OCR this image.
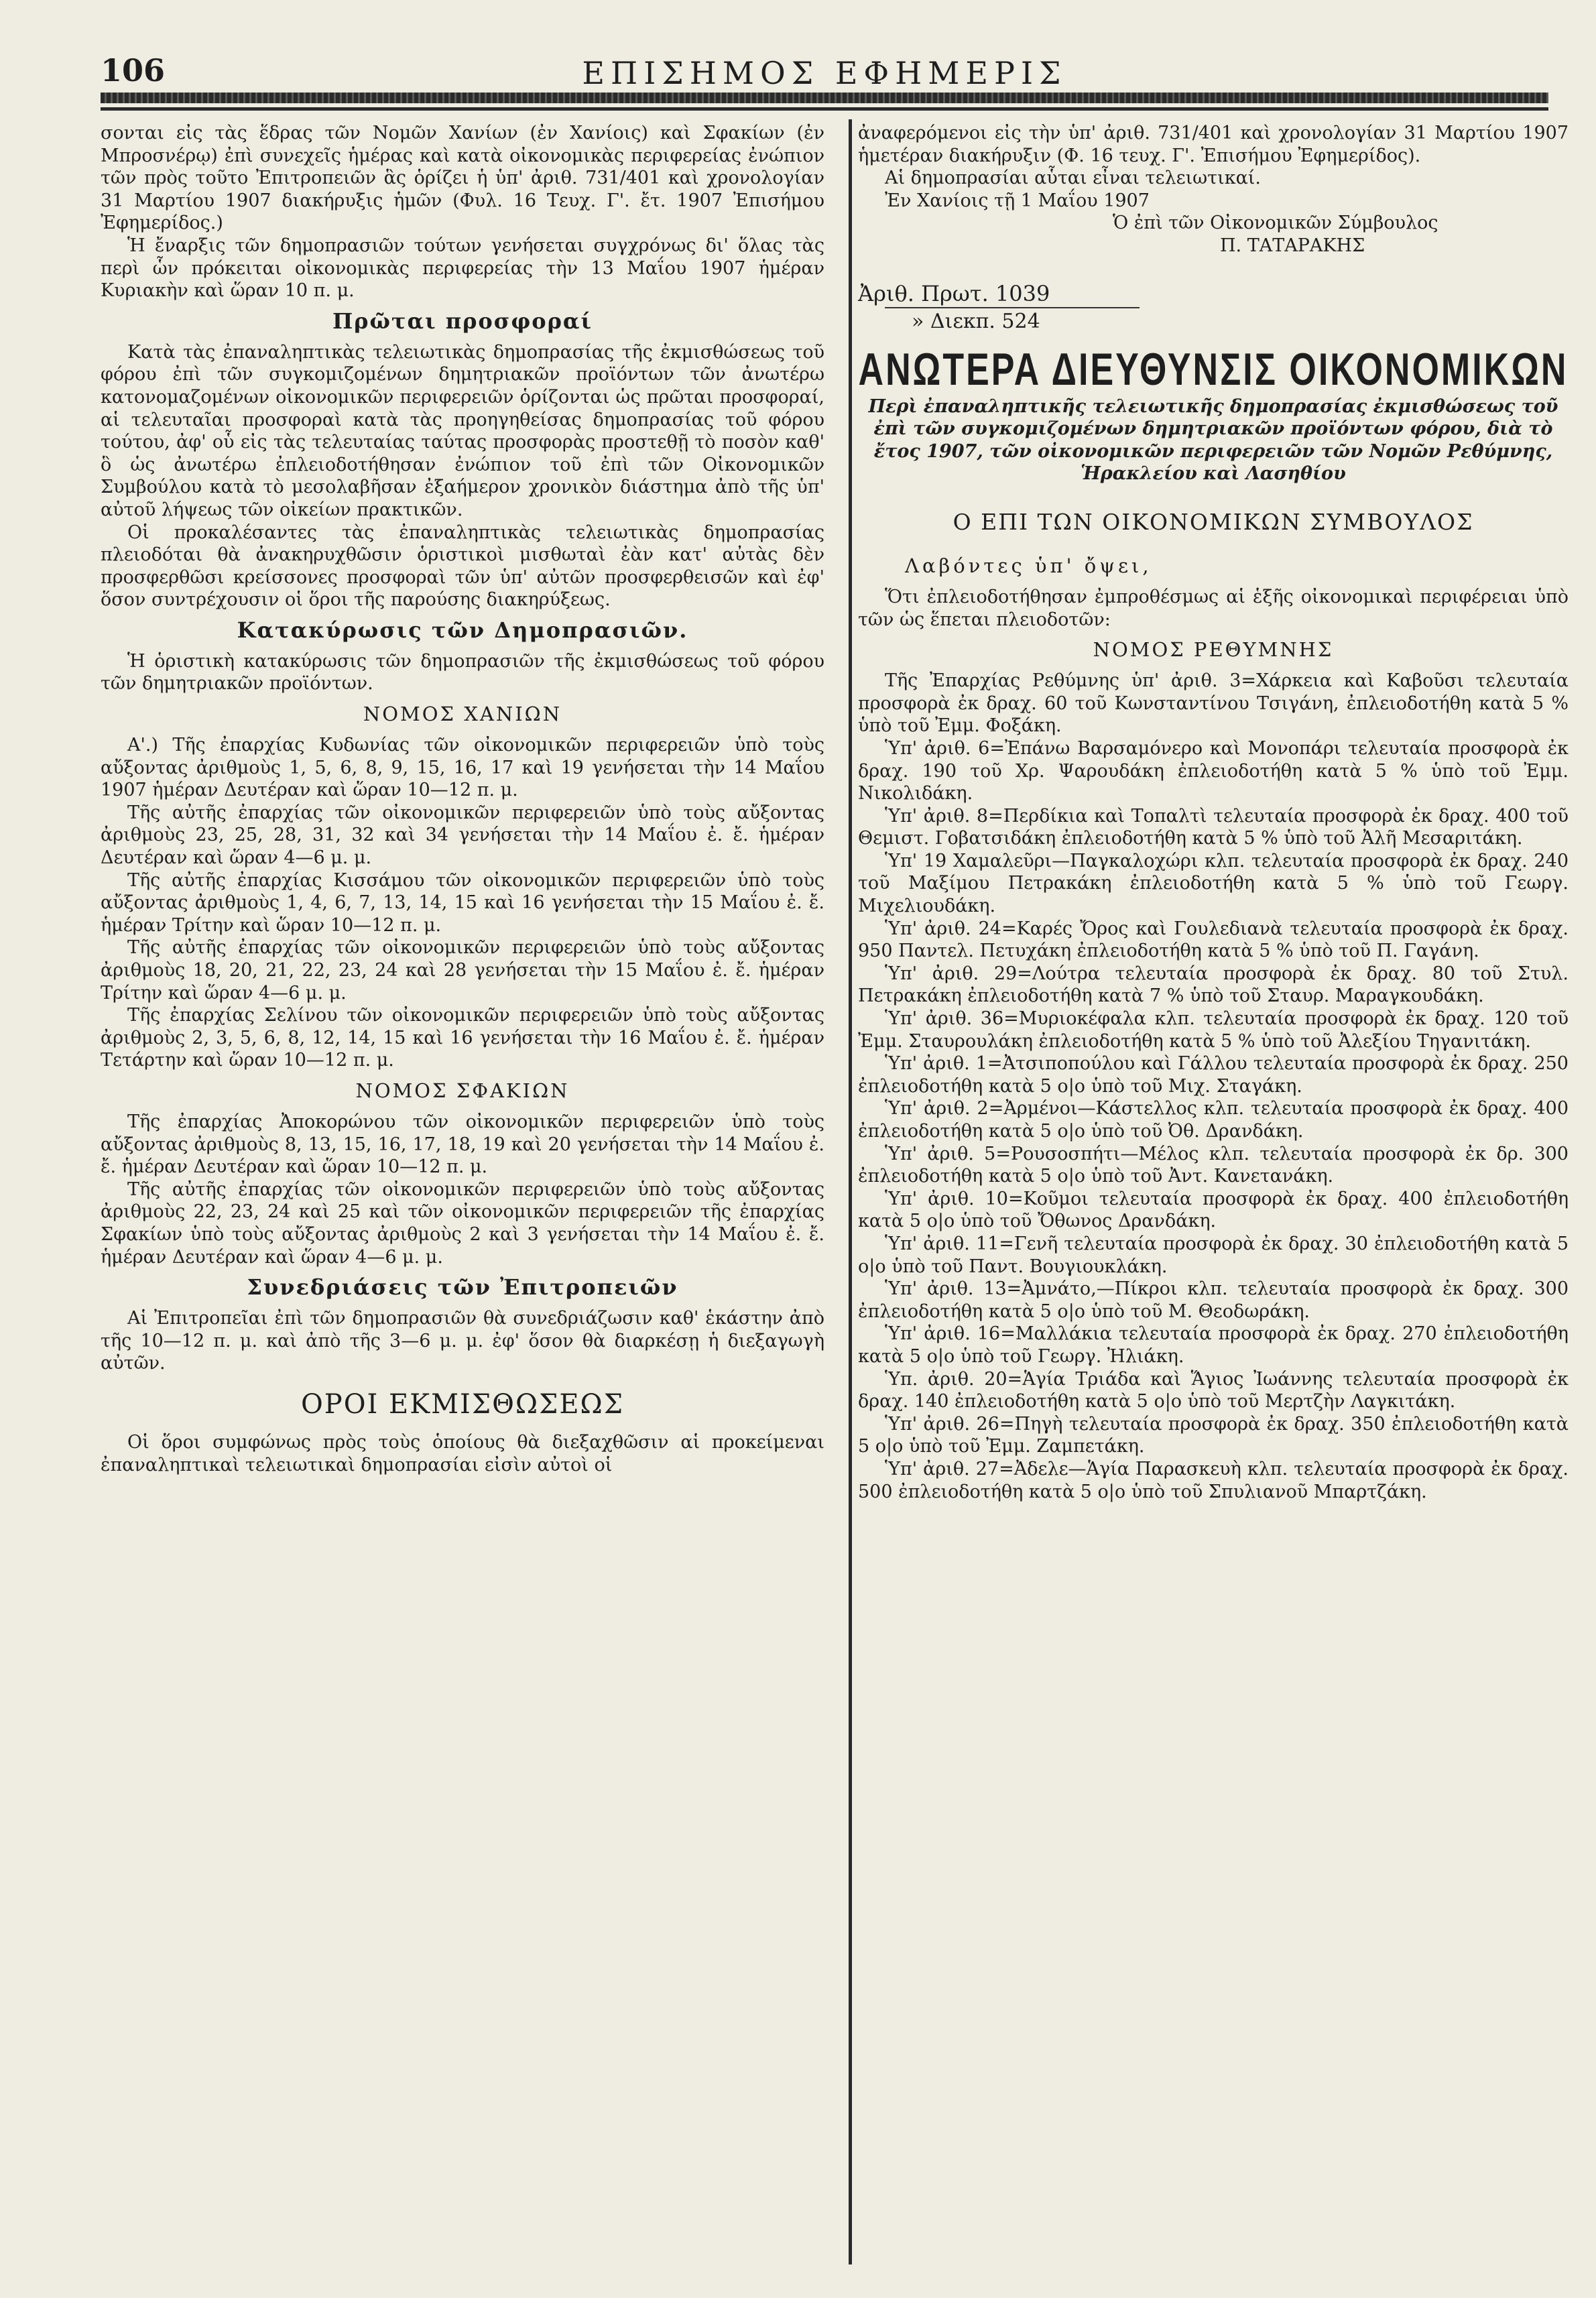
106	ΕΠΙΣΗΜΟΣ ΕΦΗΜΕΡΙΣ

σονται εἰς τὰς ἕδρας τῶν Νομῶν Χανίων (ἐν Χανίοις) καὶ Σφακίων (ἐν Μπροσνέρῳ) ἐπὶ συνεχεῖς ἡμέρας καὶ κατὰ οἰκονομικὰς περιφερείας ἐνώπιον τῶν πρὸς τοῦτο Ἐπιτροπειῶν ἃς ὁρίζει ἡ ὑπ' ἀριθ. 731/401 καὶ χρονολογίαν 31 Μαρτίου 1907 διακήρυξις ἡμῶν (Φυλ. 16 Τευχ. Γ'. ἔτ. 1907 Ἐπισήμου Ἐφημερίδος.)

Ἡ ἔναρξις τῶν δημοπρασιῶν τούτων γενήσεται συγχρόνως δι' ὅλας τὰς περὶ ὧν πρόκειται οἰκονομικὰς περιφερείας τὴν 13 Μαΐου 1907 ἡμέραν Κυριακὴν καὶ ὥραν 10 π. μ.

Πρῶται προσφοραί

Κατὰ τὰς ἐπαναληπτικὰς τελειωτικὰς δημοπρασίας τῆς ἐκμισθώσεως τοῦ φόρου ἐπὶ τῶν συγκομιζομένων δημητριακῶν προϊόντων τῶν ἀνωτέρω κατονομαζομένων οἰκονομικῶν περιφερειῶν ὁρίζονται ὡς πρῶται προσφοραί, αἱ τελευταῖαι προσφοραὶ κατὰ τὰς προηγηθείσας δημοπρασίας τοῦ φόρου τούτου, ἀφ' οὗ εἰς τὰς τελευταίας ταύτας προσφορὰς προστεθῇ τὸ ποσὸν καθ' ὃ ὡς ἀνωτέρω ἐπλειοδοτήθησαν ἐνώπιον τοῦ ἐπὶ τῶν Οἰκονομικῶν Συμβούλου κατὰ τὸ μεσολαβῆσαν ἐξαήμερον χρονικὸν διάστημα ἀπὸ τῆς ὑπ' αὐτοῦ λήψεως τῶν οἰκείων πρακτικῶν.

Οἱ προκαλέσαντες τὰς ἐπαναληπτικὰς τελειωτικὰς δημοπρασίας πλειοδόται θὰ ἀνακηρυχθῶσιν ὁριστικοὶ μισθωταὶ ἐὰν κατ' αὐτὰς δὲν προσφερθῶσι κρείσσονες προσφοραὶ τῶν ὑπ' αὐτῶν προσφερθεισῶν καὶ ἐφ' ὅσον συντρέχουσιν οἱ ὅροι τῆς παρούσης διακηρύξεως.

Κατακύρωσις τῶν Δημοπρασιῶν.

Ἡ ὁριστικὴ κατακύρωσις τῶν δημοπρασιῶν τῆς ἐκμισθώσεως τοῦ φόρου τῶν δημητριακῶν προϊόντων.

ΝΟΜΟΣ ΧΑΝΙΩΝ

Α'.) Τῆς ἐπαρχίας Κυδωνίας τῶν οἰκονομικῶν περιφερειῶν ὑπὸ τοὺς αὔξοντας ἀριθμοὺς 1, 5, 6, 8, 9, 15, 16, 17 καὶ 19 γενήσεται τὴν 14 Μαΐου 1907 ἡμέραν Δευτέραν καὶ ὥραν 10—12 π. μ.

Τῆς αὐτῆς ἐπαρχίας τῶν οἰκονομικῶν περιφερειῶν ὑπὸ τοὺς αὔξοντας ἀριθμοὺς 23, 25, 28, 31, 32 καὶ 34 γενήσεται τὴν 14 Μαΐου ἐ. ἔ. ἡμέραν Δευτέραν καὶ ὥραν 4—6 μ. μ.

Τῆς αὐτῆς ἐπαρχίας Κισσάμου τῶν οἰκονομικῶν περιφερειῶν ὑπὸ τοὺς αὔξοντας ἀριθμοὺς 1, 4, 6, 7, 13, 14, 15 καὶ 16 γενήσεται τὴν 15 Μαΐου ἐ. ἔ. ἡμέραν Τρίτην καὶ ὥραν 10—12 π. μ.

Τῆς αὐτῆς ἐπαρχίας τῶν οἰκονομικῶν περιφερειῶν ὑπὸ τοὺς αὔξοντας ἀριθμοὺς 18, 20, 21, 22, 23, 24 καὶ 28 γενήσεται τὴν 15 Μαΐου ἐ. ἔ. ἡμέραν Τρίτην καὶ ὥραν 4—6 μ. μ.

Τῆς ἐπαρχίας Σελίνου τῶν οἰκονομικῶν περιφερειῶν ὑπὸ τοὺς αὔξοντας ἀριθμοὺς 2, 3, 5, 6, 8, 12, 14, 15 καὶ 16 γενήσεται τὴν 16 Μαΐου ἐ. ἔ. ἡμέραν Τετάρτην καὶ ὥραν 10—12 π. μ.

ΝΟΜΟΣ ΣΦΑΚΙΩΝ

Τῆς ἐπαρχίας Ἀποκορώνου τῶν οἰκονομικῶν περιφερειῶν ὑπὸ τοὺς αὔξοντας ἀριθμοὺς 8, 13, 15, 16, 17, 18, 19 καὶ 20 γενήσεται τὴν 14 Μαΐου ἐ. ἔ. ἡμέραν Δευτέραν καὶ ὥραν 10—12 π. μ.

Τῆς αὐτῆς ἐπαρχίας τῶν οἰκονομικῶν περιφερειῶν ὑπὸ τοὺς αὔξοντας ἀριθμοὺς 22, 23, 24 καὶ 25 καὶ τῶν οἰκονομικῶν περιφερειῶν τῆς ἐπαρχίας Σφακίων ὑπὸ τοὺς αὔξοντας ἀριθμοὺς 2 καὶ 3 γενήσεται τὴν 14 Μαΐου ἐ. ἔ. ἡμέραν Δευτέραν καὶ ὥραν 4—6 μ. μ.

Συνεδριάσεις τῶν Ἐπιτροπειῶν

Αἱ Ἐπιτροπεῖαι ἐπὶ τῶν δημοπρασιῶν θὰ συνεδριάζωσιν καθ' ἑκάστην ἀπὸ τῆς 10—12 π. μ. καὶ ἀπὸ τῆς 3—6 μ. μ. ἐφ' ὅσον θὰ διαρκέσῃ ἡ διεξαγωγὴ αὐτῶν.

ΟΡΟΙ ΕΚΜΙΣΘΩΣΕΩΣ

Οἱ ὅροι συμφώνως πρὸς τοὺς ὁποίους θὰ διεξαχθῶσιν αἱ προκείμεναι ἐπαναληπτικαὶ τελειωτικαὶ δημοπρασίαι εἰσὶν αὐτοὶ οἱ

ἀναφερόμενοι εἰς τὴν ὑπ' ἀριθ. 731/401 καὶ χρονολογίαν 31 Μαρτίου 1907 ἡμετέραν διακήρυξιν (Φ. 16 τευχ. Γ'. Ἐπισήμου Ἐφημερίδος).

Αἱ δημοπρασίαι αὗται εἶναι τελειωτικαί.

Ἐν Χανίοις τῇ 1 Μαΐου 1907

Ὁ ἐπὶ τῶν Οἰκονομικῶν Σύμβουλος

Π. ΤΑΤΑΡΑΚΗΣ

Ἀριθ. Πρωτ. 1039

» Διεκπ. 524

ΑΝΩΤΕΡΑ ΔΙΕΥΘΥΝΣΙΣ ΟΙΚΟΝΟΜΙΚΩΝ

Περὶ ἐπαναληπτικῆς τελειωτικῆς δημοπρασίας ἐκμισθώσεως τοῦ ἐπὶ τῶν συγκομιζομένων δημητριακῶν προϊόντων φόρου, διὰ τὸ ἔτος 1907, τῶν οἰκονομικῶν περιφερειῶν τῶν Νομῶν Ρεθύμνης, Ἡρακλείου καὶ Λασηθίου

Ο ΕΠΙ ΤΩΝ ΟΙΚΟΝΟΜΙΚΩΝ ΣΥΜΒΟΥΛΟΣ

Λαβόντες ὑπ' ὄψει,

Ὅτι ἐπλειοδοτήθησαν ἐμπροθέσμως αἱ ἑξῆς οἰκονομικαὶ περιφέρειαι ὑπὸ τῶν ὡς ἕπεται πλειοδοτῶν:

ΝΟΜΟΣ ΡΕΘΥΜΝΗΣ

Τῆς Ἐπαρχίας Ρεθύμνης ὑπ' ἀριθ. 3=Χάρκεια καὶ Καβοῦσι τελευταία προσφορὰ ἐκ δραχ. 60 τοῦ Κωνσταντίνου Τσιγάνη, ἐπλειοδοτήθη κατὰ 5 % ὑπὸ τοῦ Ἐμμ. Φοξάκη.

Ὑπ' ἀριθ. 6=Ἐπάνω Βαρσαμόνερο καὶ Μονοπάρι τελευταία προσφορὰ ἐκ δραχ. 190 τοῦ Χρ. Ψαρουδάκη ἐπλειοδοτήθη κατὰ 5 % ὑπὸ τοῦ Ἐμμ. Νικολιδάκη.

Ὑπ' ἀριθ. 8=Περδίκια καὶ Τοπαλτὶ τελευταία προσφορὰ ἐκ δραχ. 400 τοῦ Θεμιστ. Γοβατσιδάκη ἐπλειοδοτήθη κατὰ 5 % ὑπὸ τοῦ Ἀλῆ Μεσαριτάκη.

Ὑπ' 19 Χαμαλεῦρι—Παγκαλοχώρι κλπ. τελευταία προσφορὰ ἐκ δραχ. 240 τοῦ Μαξίμου Πετρακάκη ἐπλειοδοτήθη κατὰ 5 % ὑπὸ τοῦ Γεωργ. Μιχελιουδάκη.

Ὑπ' ἀριθ. 24=Καρές Ὄρος καὶ Γουλεδιανὰ τελευταία προσφορὰ ἐκ δραχ. 950 Παντελ. Πετυχάκη ἐπλειοδοτήθη κατὰ 5 % ὑπὸ τοῦ Π. Γαγάνη.

Ὑπ' ἀριθ. 29=Λούτρα τελευταία προσφορὰ ἐκ δραχ. 80 τοῦ Στυλ. Πετρακάκη ἐπλειοδοτήθη κατὰ 7 % ὑπὸ τοῦ Σταυρ. Μαραγκουδάκη.

Ὑπ' ἀριθ. 36=Μυριοκέφαλα κλπ. τελευταία προσφορὰ ἐκ δραχ. 120 τοῦ Ἐμμ. Σταυρουλάκη ἐπλειοδοτήθη κατὰ 5 % ὑπὸ τοῦ Ἀλεξίου Τηγανιτάκη.

Ὑπ' ἀριθ. 1=Ἀτσιποπούλου καὶ Γάλλου τελευταία προσφορὰ ἐκ δραχ. 250 ἐπλειοδοτήθη κατὰ 5 ο|ο ὑπὸ τοῦ Μιχ. Σταγάκη.

Ὑπ' ἀριθ. 2=Ἀρμένοι—Κάστελλος κλπ. τελευταία προσφορὰ ἐκ δραχ. 400 ἐπλειοδοτήθη κατὰ 5 ο|ο ὑπὸ τοῦ Ὀθ. Δρανδάκη.

Ὑπ' ἀριθ. 5=Ρουσοσπήτι—Μέλος κλπ. τελευταία προσφορὰ ἐκ δρ. 300 ἐπλειοδοτήθη κατὰ 5 ο|ο ὑπὸ τοῦ Ἀντ. Κανετανάκη.

Ὑπ' ἀριθ. 10=Κοῦμοι τελευταία προσφορὰ ἐκ δραχ. 400 ἐπλειοδοτήθη κατὰ 5 ο|ο ὑπὸ τοῦ Ὄθωνος Δρανδάκη.

Ὑπ' ἀριθ. 11=Γενῆ τελευταία προσφορὰ ἐκ δραχ. 30 ἐπλειοδοτήθη κατὰ 5 ο|ο ὑπὸ τοῦ Παντ. Βουγιουκλάκη.

Ὑπ' ἀριθ. 13=Ἀμνάτο,—Πίκροι κλπ. τελευταία προσφορὰ ἐκ δραχ. 300 ἐπλειοδοτήθη κατὰ 5 ο|ο ὑπὸ τοῦ Μ. Θεοδωράκη.

Ὑπ' ἀριθ. 16=Μαλλάκια τελευταία προσφορὰ ἐκ δραχ. 270 ἐπλειοδοτήθη κατὰ 5 ο|ο ὑπὸ τοῦ Γεωργ. Ἠλιάκη.

Ὑπ. ἀριθ. 20=Ἁγία Τριάδα καὶ Ἅγιος Ἰωάννης τελευταία προσφορὰ ἐκ δραχ. 140 ἐπλειοδοτήθη κατὰ 5 ο|ο ὑπὸ τοῦ Μερτζὴν Λαγκιτάκη.

Ὑπ' ἀριθ. 26=Πηγὴ τελευταία προσφορὰ ἐκ δραχ. 350 ἐπλειοδοτήθη κατὰ 5 ο|ο ὑπὸ τοῦ Ἐμμ. Ζαμπετάκη.

Ὑπ' ἀριθ. 27=Ἀδελε—Ἁγία Παρασκευὴ κλπ. τελευταία προσφορὰ ἐκ δραχ. 500 ἐπλειοδοτήθη κατὰ 5 ο|ο ὑπὸ τοῦ Σπυλιανοῦ Μπαρτζάκη.
